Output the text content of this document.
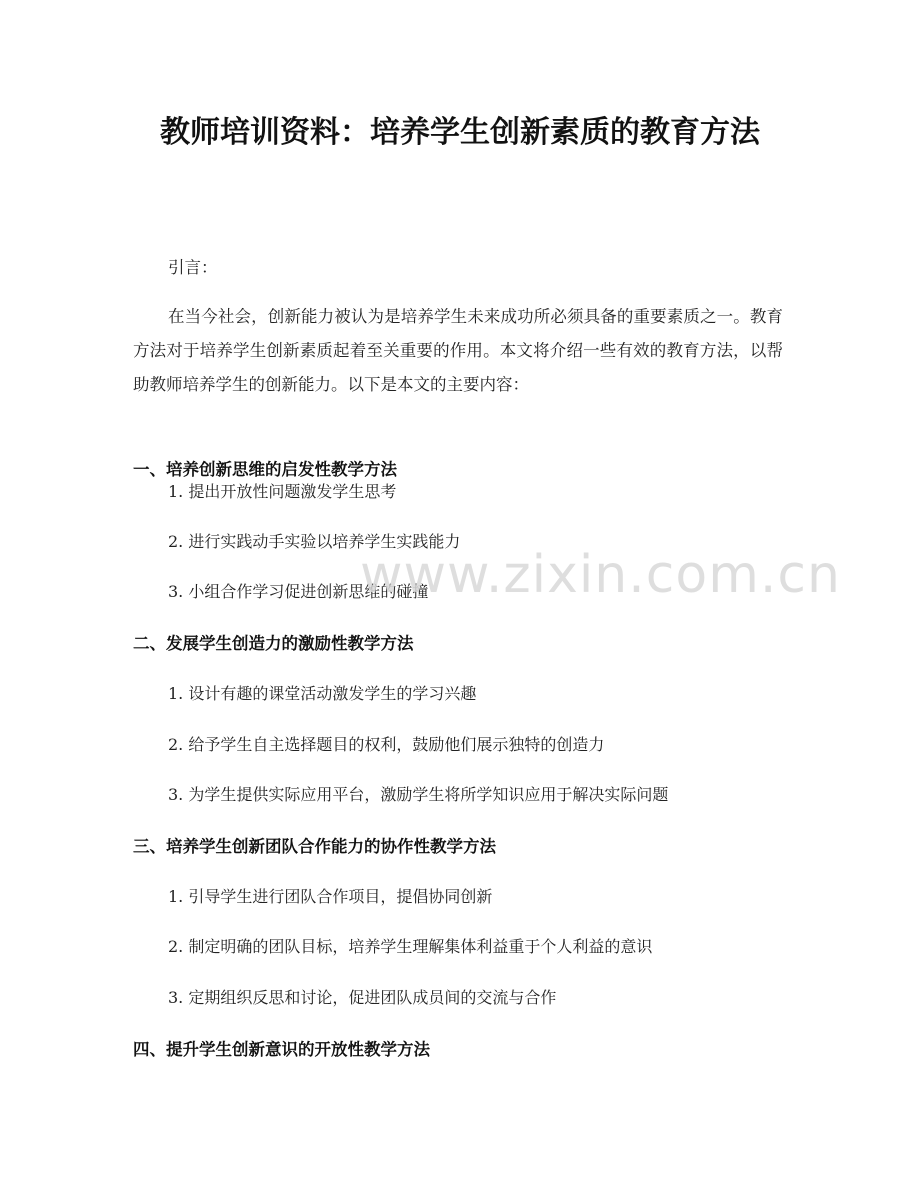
教师培训资料：培养学生创新素质的教育方法
引言：
在当今社会，创新能力被认为是培养学生未来成功所必须具备的重要素质之一。教育方法对于培养学生创新素质起着至关重要的作用。本文将介绍一些有效的教育方法，以帮助教师培养学生的创新能力。以下是本文的主要内容：
一、培养创新思维的启发性教学方法
1. 提出开放性问题激发学生思考
2. 进行实践动手实验以培养学生实践能力
3. 小组合作学习促进创新思维的碰撞
二、发展学生创造力的激励性教学方法
1. 设计有趣的课堂活动激发学生的学习兴趣
2. 给予学生自主选择题目的权利，鼓励他们展示独特的创造力
3. 为学生提供实际应用平台，激励学生将所学知识应用于解决实际问题
三、培养学生创新团队合作能力的协作性教学方法
1. 引导学生进行团队合作项目，提倡协同创新
2. 制定明确的团队目标，培养学生理解集体利益重于个人利益的意识
3. 定期组织反思和讨论，促进团队成员间的交流与合作
四、提升学生创新意识的开放性教学方法
www.zixin.com.cn
